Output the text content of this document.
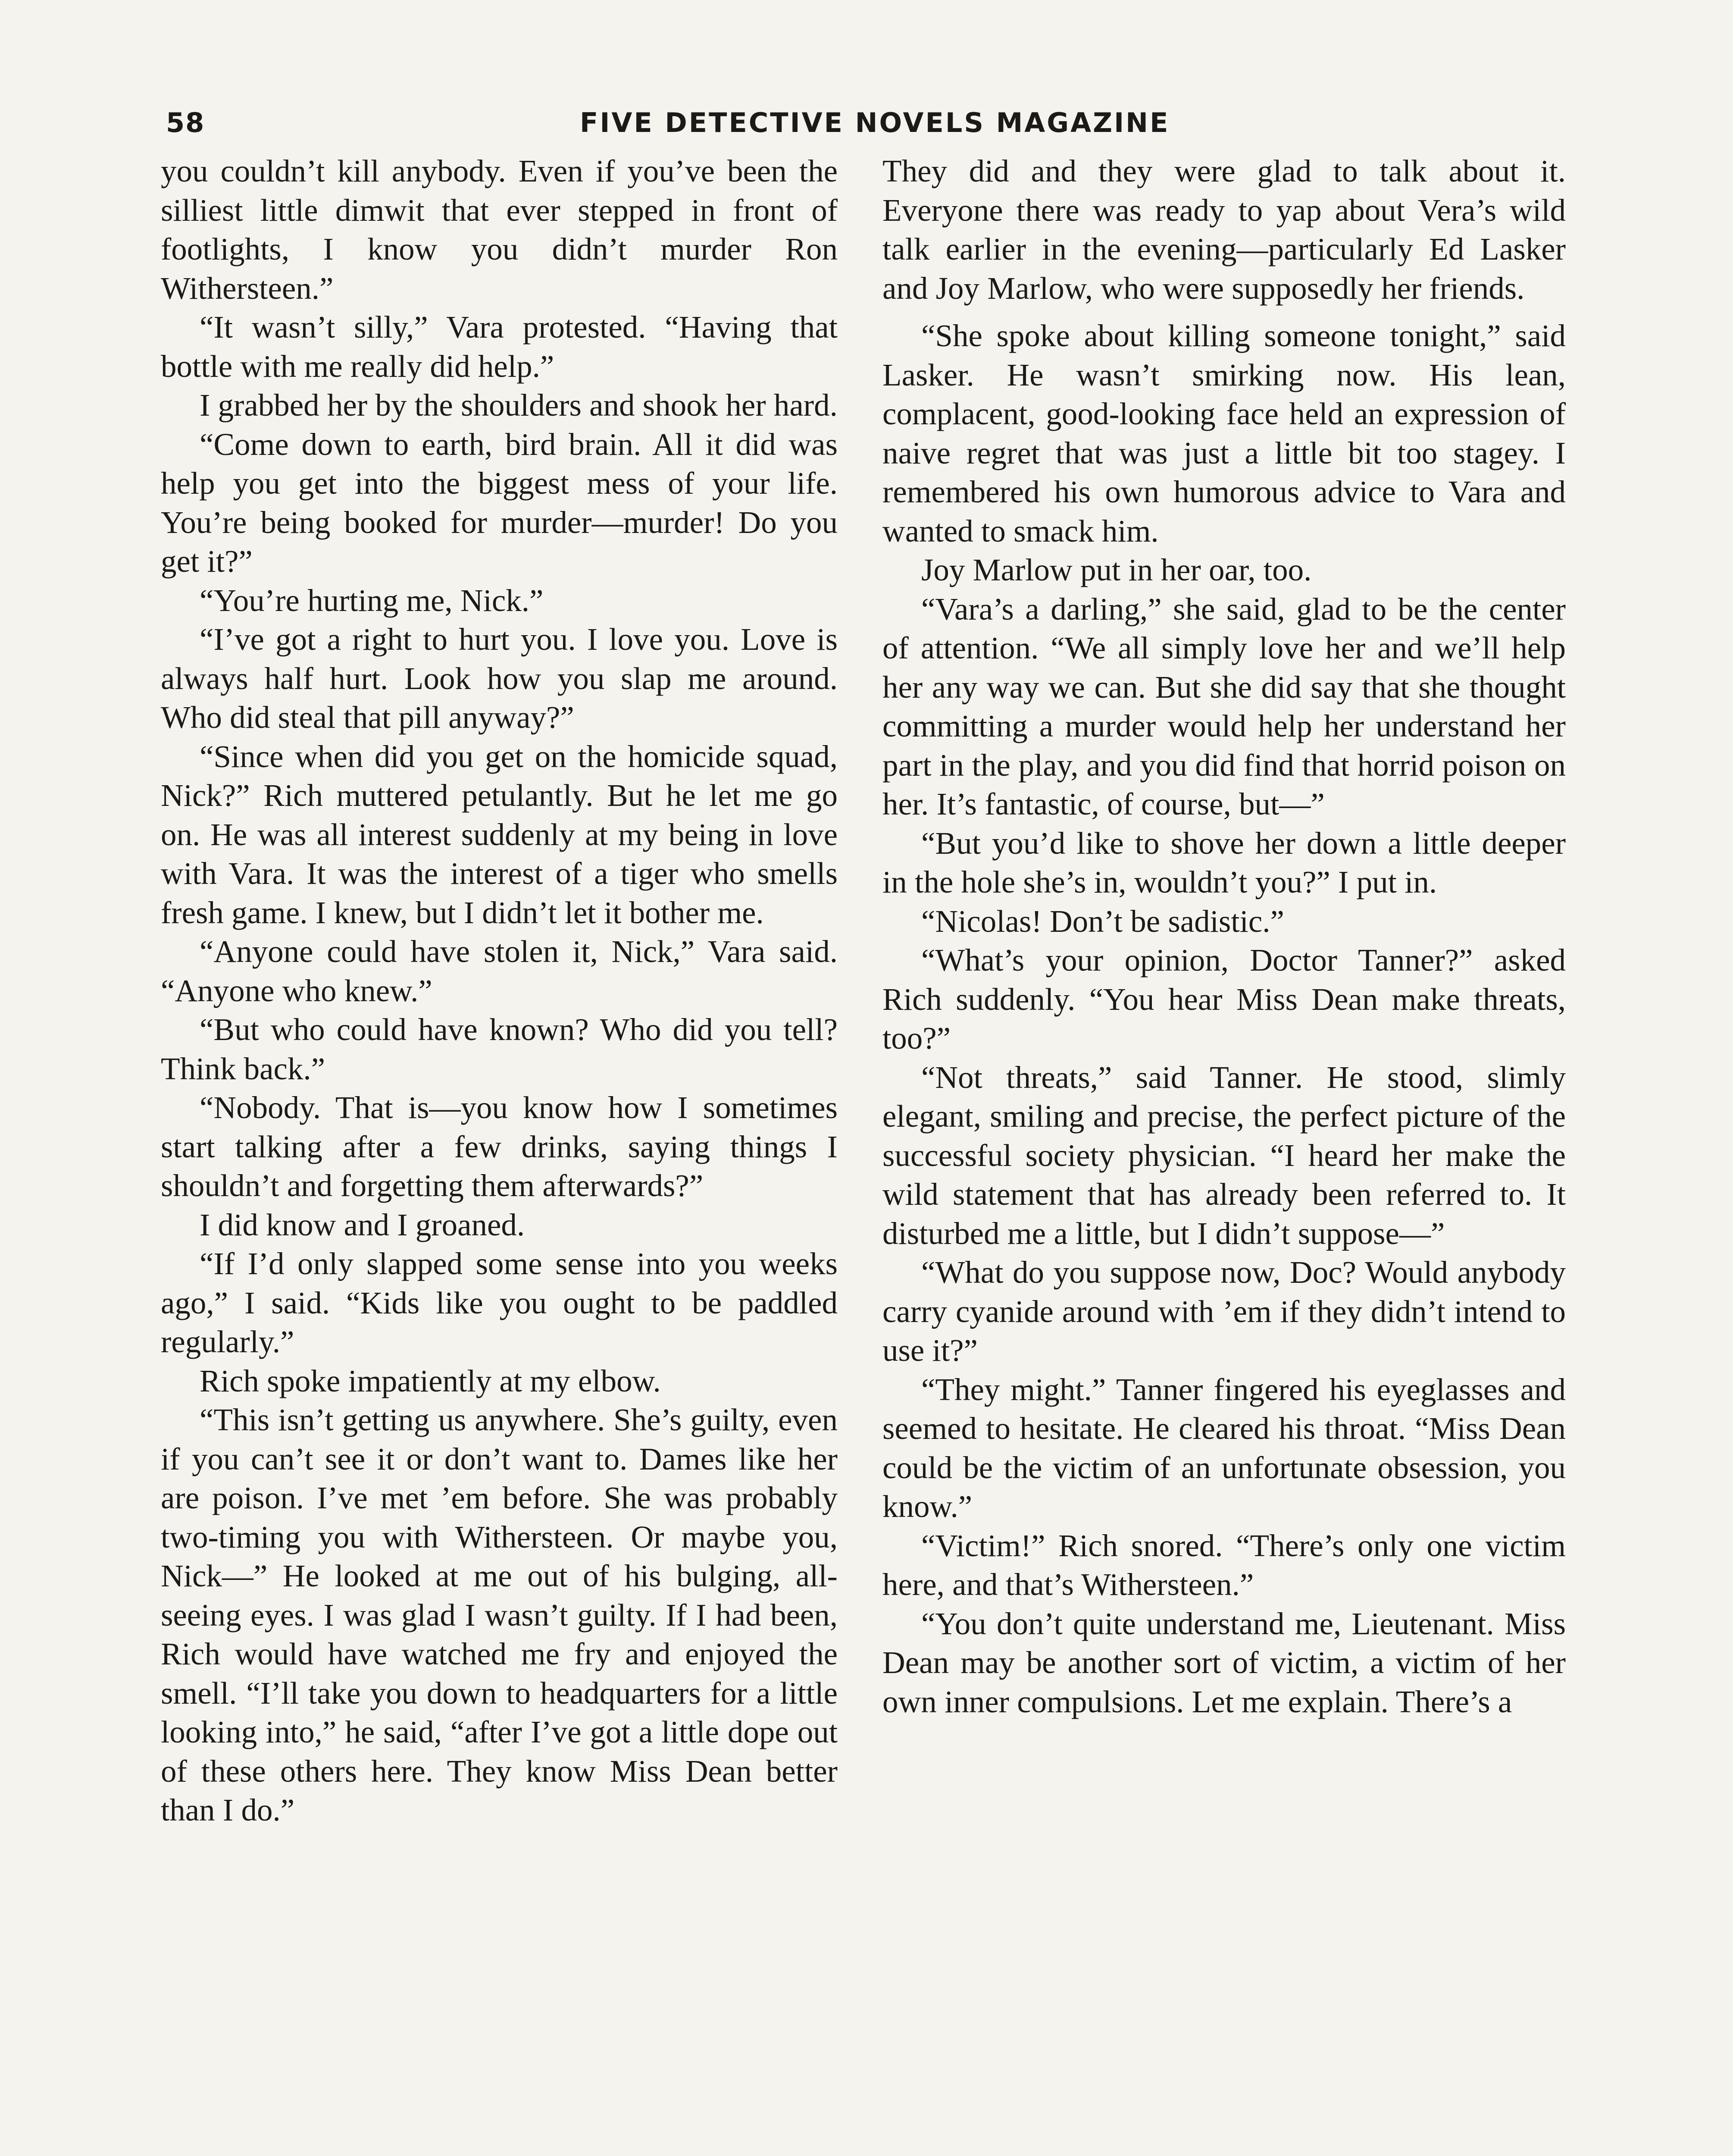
58	FIVE DETECTIVE NOVELS MAGAZINE

you couldn’t kill anybody. Even if you’ve been the silliest little dimwit that ever stepped in front of footlights, I know you didn’t murder Ron Withersteen.”

“It wasn’t silly,” Vara protested. “Having that bottle with me really did help.”

I grabbed her by the shoulders and shook her hard.

“Come down to earth, bird brain. All it did was help you get into the biggest mess of your life. You’re being booked for murder—murder! Do you get it?”

“You’re hurting me, Nick.”

“I’ve got a right to hurt you. I love you. Love is always half hurt. Look how you slap me around. Who did steal that pill anyway?”

“Since when did you get on the homicide squad, Nick?” Rich muttered petulantly. But he let me go on. He was all interest suddenly at my being in love with Vara. It was the interest of a tiger who smells fresh game. I knew, but I didn’t let it bother me.

“Anyone could have stolen it, Nick,” Vara said. “Anyone who knew.”

“But who could have known? Who did you tell? Think back.”

“Nobody. That is—you know how I sometimes start talking after a few drinks, saying things I shouldn’t and forgetting them afterwards?”

I did know and I groaned.

“If I’d only slapped some sense into you weeks ago,” I said. “Kids like you ought to be paddled regularly.”

Rich spoke impatiently at my elbow.

“This isn’t getting us anywhere. She’s guilty, even if you can’t see it or don’t want to. Dames like her are poison. I’ve met ’em before. She was probably two-timing you with Withersteen. Or maybe you, Nick—” He looked at me out of his bulging, all-seeing eyes. I was glad I wasn’t guilty. If I had been, Rich would have watched me fry and enjoyed the smell. “I’ll take you down to headquarters for a little looking into,” he said, “after I’ve got a little dope out of these others here. They know Miss Dean better than I do.”

They did and they were glad to talk about it. Everyone there was ready to yap about Vera’s wild talk earlier in the evening—particularly Ed Lasker and Joy Marlow, who were supposedly her friends.

“She spoke about killing someone tonight,” said Lasker. He wasn’t smirking now. His lean, complacent, good-looking face held an expression of naive regret that was just a little bit too stagey. I remembered his own humorous advice to Vara and wanted to smack him.

Joy Marlow put in her oar, too.

“Vara’s a darling,” she said, glad to be the center of attention. “We all simply love her and we’ll help her any way we can. But she did say that she thought committing a murder would help her understand her part in the play, and you did find that horrid poison on her. It’s fantastic, of course, but—”

“But you’d like to shove her down a little deeper in the hole she’s in, wouldn’t you?” I put in.

“Nicolas! Don’t be sadistic.”

“What’s your opinion, Doctor Tanner?” asked Rich suddenly. “You hear Miss Dean make threats, too?”

“Not threats,” said Tanner. He stood, slimly elegant, smiling and precise, the perfect picture of the successful society physician. “I heard her make the wild statement that has already been referred to. It disturbed me a little, but I didn’t suppose—”

“What do you suppose now, Doc? Would anybody carry cyanide around with ’em if they didn’t intend to use it?”

“They might.” Tanner fingered his eyeglasses and seemed to hesitate. He cleared his throat. “Miss Dean could be the victim of an unfortunate obsession, you know.”

“Victim!” Rich snored. “There’s only one victim here, and that’s Withersteen.”

“You don’t quite understand me, Lieutenant. Miss Dean may be another sort of victim, a victim of her own inner compulsions. Let me explain. There’s a
